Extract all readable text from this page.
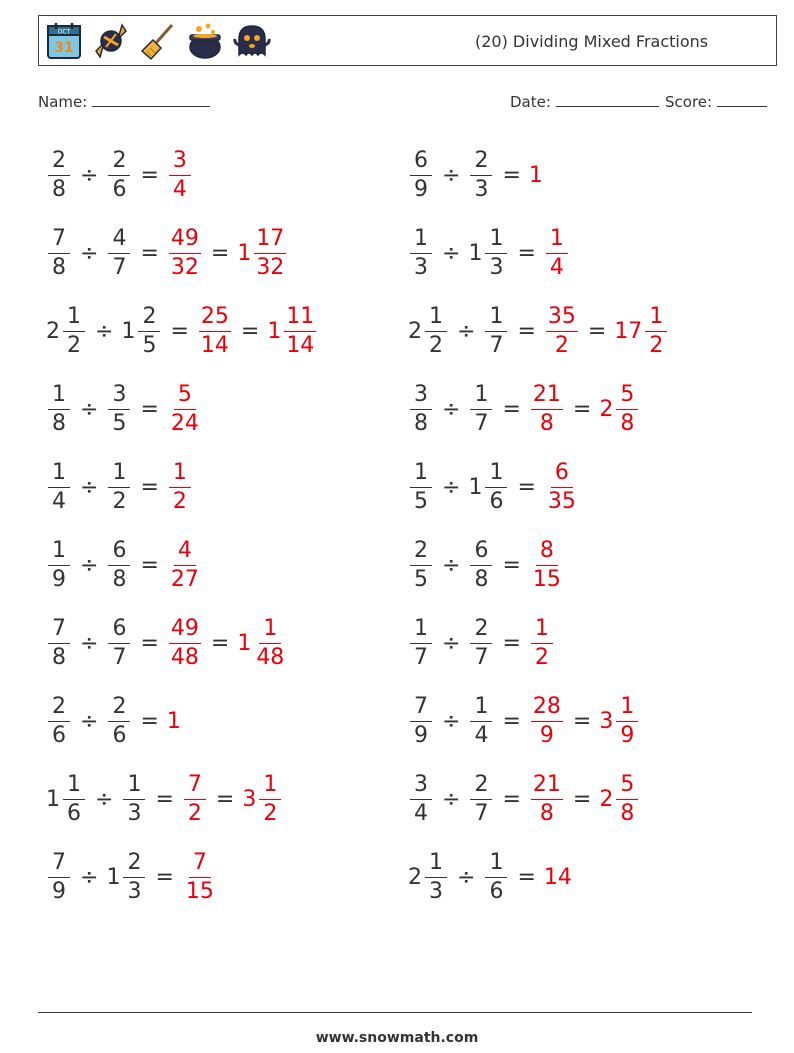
OCT
31	(20) Dividing Mixed Fractions
Name:	Date:	Score:
$\frac{2}{8} \div \frac{2}{6} = \frac{3}{4}$	$\frac{6}{9} \div \frac{2}{3} = 1$
$\frac{7}{8} \div \frac{4}{7} = \frac{49}{32} = 1 \frac{17}{32}$	$\frac{1}{3} \div 1 \frac{1}{3} = \frac{1}{4}$
$2 \frac{1}{2} \div 1 \frac{2}{5} = \frac{25}{14} = 1 \frac{11}{14}$	$2 \frac{1}{2} \div \frac{1}{7} = \frac{35}{2} = 17 \frac{1}{2}$
$\frac{1}{8} \div \frac{3}{5} = \frac{5}{24}$	$\frac{3}{8} \div \frac{1}{7} = \frac{21}{8} = 2 \frac{5}{8}$
$\frac{1}{4} \div \frac{1}{2} = \frac{1}{2}$	$\frac{1}{5} \div 1 \frac{1}{6} = \frac{6}{35}$
$\frac{1}{9} \div \frac{6}{8} = \frac{4}{27}$	$\frac{2}{5} \div \frac{6}{8} = \frac{8}{15}$
$\frac{7}{8} \div \frac{6}{7} = \frac{49}{48} = 1 \frac{1}{48}$	$\frac{1}{7} \div \frac{2}{7} = \frac{1}{2}$
$\frac{2}{6} \div \frac{2}{6} = 1$	$\frac{7}{9} \div \frac{1}{4} = \frac{28}{9} = 3 \frac{1}{9}$
$1 \frac{1}{6} \div \frac{1}{3} = \frac{7}{2} = 3 \frac{1}{2}$	$\frac{3}{4} \div \frac{2}{7} = \frac{21}{8} = 2 \frac{5}{8}$
$\frac{7}{9} \div 1 \frac{2}{3} = \frac{7}{15}$	$2 \frac{1}{3} \div \frac{1}{6} = 14$
www.snowmath.com
